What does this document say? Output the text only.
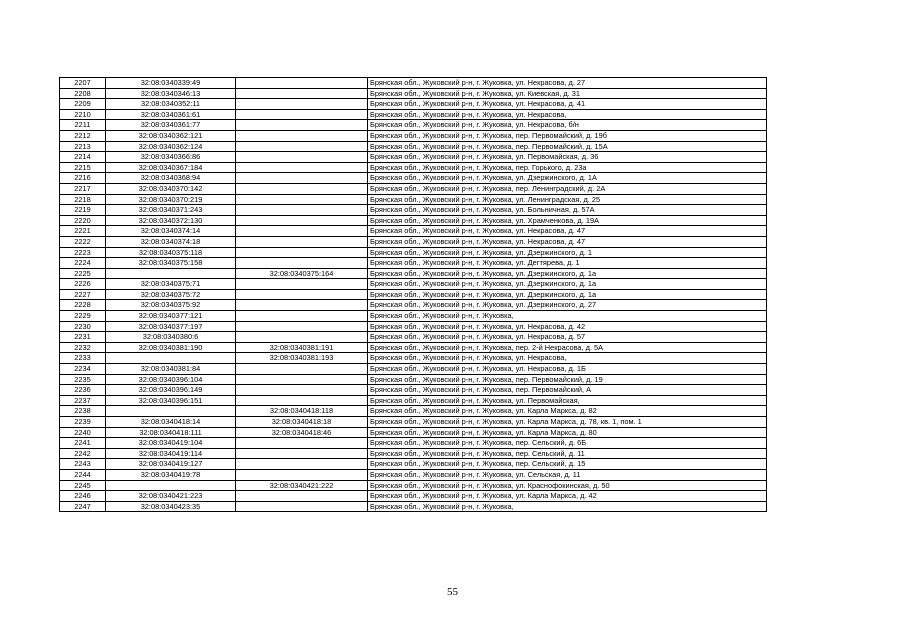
2207	32:08:0340339:49		Брянская обл., Жуковский р-н, г. Жуковка, ул. Некрасова, д. 27
2208	32:08:0340346:13		Брянская обл., Жуковский р-н, г. Жуковка, ул. Киевская, д. 31
2209	32:08:0340352:11		Брянская обл., Жуковский р-н, г. Жуковка, ул. Некрасова, д. 41
2210	32:08:0340361:61		Брянская обл., Жуковский р-н, г. Жуковка, ул. Некрасова,
2211	32:08:0340361:77		Брянская обл., Жуковский р-н, г. Жуковка, ул. Некрасова, б/н
2212	32:08:0340362:121		Брянская обл., Жуковский р-н, г. Жуковка, пер. Первомайский, д. 19б
2213	32:08:0340362:124		Брянская обл., Жуковский р-н, г. Жуковка, пер. Первомайский, д. 15А
2214	32:08:0340366:86		Брянская обл., Жуковский р-н, г. Жуковка, ул. Первомайская, д. 36
2215	32:08:0340367:184		Брянская обл., Жуковский р-н, г. Жуковка, пер. Горького, д. 23а
2216	32:08:0340368:94		Брянская обл., Жуковский р-н, г. Жуковка, ул. Дзержинского, д. 1А
2217	32:08:0340370:142		Брянская обл., Жуковский р-н, г. Жуковка, пер. Ленинградский, д. 2А
2218	32:08:0340370:219		Брянская обл., Жуковский р-н, г. Жуковка, ул. Ленинградская, д. 25
2219	32:08:0340371:243		Брянская обл., Жуковский р-н, г. Жуковка, ул. Больничная, д. 57А
2220	32:08:0340372:130		Брянская обл., Жуковский р-н, г. Жуковка, ул. Храмченкова, д. 19А
2221	32:08:0340374:14		Брянская обл., Жуковский р-н, г. Жуковка, ул. Некрасова, д. 47
2222	32:08:0340374:18		Брянская обл., Жуковский р-н, г. Жуковка, ул. Некрасова, д. 47
2223	32:08:0340375:118		Брянская обл., Жуковский р-н, г. Жуковка, ул. Дзержинского, д. 1
2224	32:08:0340375:158		Брянская обл., Жуковский р-н, г. Жуковка, ул. Дегтярева, д. 1
2225		32:08:0340375:164	Брянская обл., Жуковский р-н, г. Жуковка, ул. Дзержинского, д. 1а
2226	32:08:0340375:71		Брянская обл., Жуковский р-н, г. Жуковка, ул. Дзержинского, д. 1а
2227	32:08:0340375:72		Брянская обл., Жуковский р-н, г. Жуковка, ул. Дзержинского, д. 1а
2228	32:08:0340375:92		Брянская обл., Жуковский р-н, г. Жуковка, ул. Дзержинского, д. 27
2229	32:08:0340377:121		Брянская обл., Жуковский р-н, г. Жуковка,
2230	32:08:0340377:197		Брянская обл., Жуковский р-н, г. Жуковка, ул. Некрасова, д. 42
2231	32:08:0340380:6		Брянская обл., Жуковский р-н, г. Жуковка, ул. Некрасова, д. 57
2232	32:08:0340381:190	32:08:0340381:191	Брянская обл., Жуковский р-н, г. Жуковка, пер. 2-й Некрасова, д. 5А
2233		32:08:0340381:193	Брянская обл., Жуковский р-н, г. Жуковка, ул. Некрасова,
2234	32:08:0340381:84		Брянская обл., Жуковский р-н, г. Жуковка, ул. Некрасова, д. 1Б
2235	32:08:0340396:104		Брянская обл., Жуковский р-н, г. Жуковка, пер. Первомайский, д. 19
2236	32:08:0340396:149		Брянская обл., Жуковский р-н, г. Жуковка, пер. Первомайский, А
2237	32:08:0340396:151		Брянская обл., Жуковский р-н, г. Жуковка, ул. Первомайская,
2238		32:08:0340418:118	Брянская обл., Жуковский р-н, г. Жуковка, ул. Карла Маркса, д. 82
2239	32:08:0340418:14	32:08:0340418:18	Брянская обл., Жуковский р-н, г. Жуковка, ул. Карла Маркса, д. 78, кв. 1, пом. 1
2240	32:08:0340418:111	32:08:0340418:46	Брянская обл., Жуковский р-н, г. Жуковка, ул. Карла Маркса, д. 80
2241	32:08:0340419:104		Брянская обл., Жуковский р-н, г. Жуковка, пер. Сельский, д. 6Б
2242	32:08:0340419:114		Брянская обл., Жуковский р-н, г. Жуковка, пер. Сельский, д. 11
2243	32:08:0340419:127		Брянская обл., Жуковский р-н, г. Жуковка, пер. Сельский, д. 15
2244	32:08:0340419:78		Брянская обл., Жуковский р-н, г. Жуковка, ул. Сельская, д. 11
2245		32:08:0340421:222	Брянская обл., Жуковский р-н, г. Жуковка, ул. Краснофокинская, д. 50
2246	32:08:0340421:223		Брянская обл., Жуковский р-н, г. Жуковка, ул. Карла Маркса, д. 42
2247	32:08:0340423:35		Брянская обл., Жуковский р-н, г. Жуковка,
55
